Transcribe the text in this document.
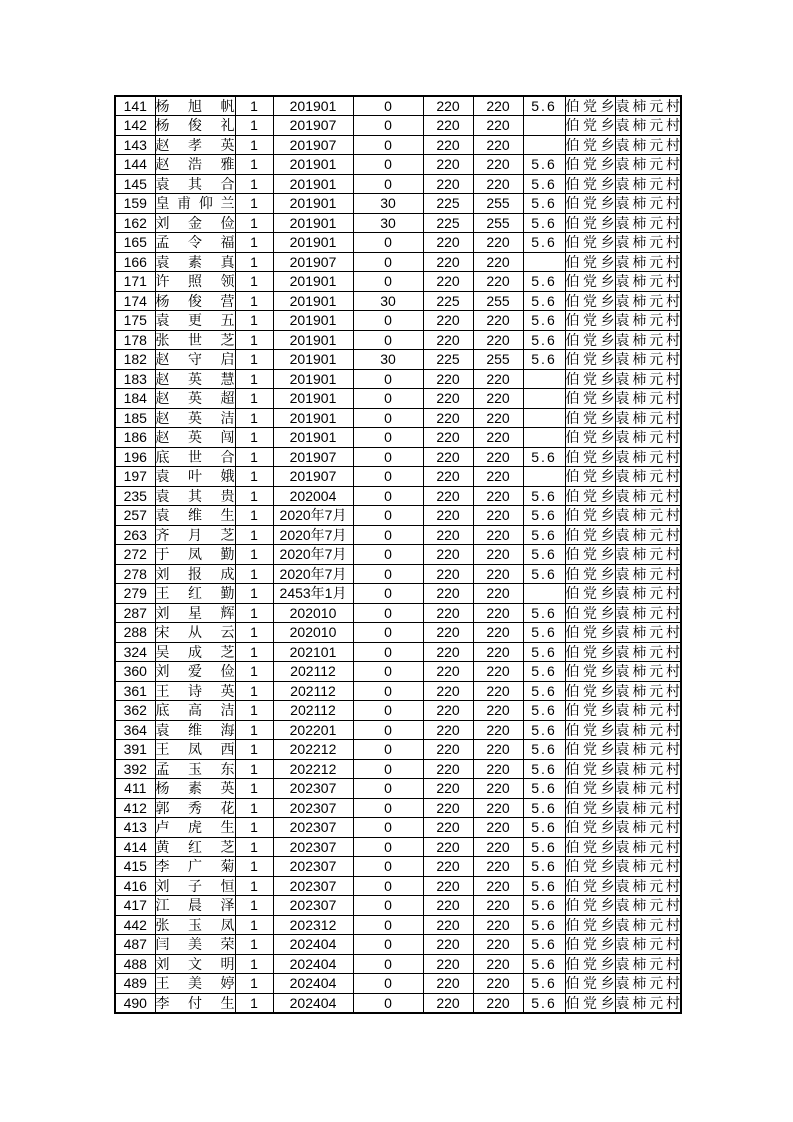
141	杨旭帆	1	201901	0	220	220	5.6	伯党乡	袁柿元村
142	杨俊礼	1	201907	0	220	220		伯党乡	袁柿元村
143	赵孝英	1	201907	0	220	220		伯党乡	袁柿元村
144	赵浩雅	1	201901	0	220	220	5.6	伯党乡	袁柿元村
145	袁其合	1	201901	0	220	220	5.6	伯党乡	袁柿元村
159	皇甫仰兰	1	201901	30	225	255	5.6	伯党乡	袁柿元村
162	刘金俭	1	201901	30	225	255	5.6	伯党乡	袁柿元村
165	孟令福	1	201901	0	220	220	5.6	伯党乡	袁柿元村
166	袁素真	1	201907	0	220	220		伯党乡	袁柿元村
171	许照领	1	201901	0	220	220	5.6	伯党乡	袁柿元村
174	杨俊营	1	201901	30	225	255	5.6	伯党乡	袁柿元村
175	袁更五	1	201901	0	220	220	5.6	伯党乡	袁柿元村
178	张世芝	1	201901	0	220	220	5.6	伯党乡	袁柿元村
182	赵守启	1	201901	30	225	255	5.6	伯党乡	袁柿元村
183	赵英慧	1	201901	0	220	220		伯党乡	袁柿元村
184	赵英超	1	201901	0	220	220		伯党乡	袁柿元村
185	赵英洁	1	201901	0	220	220		伯党乡	袁柿元村
186	赵英闯	1	201901	0	220	220		伯党乡	袁柿元村
196	底世合	1	201907	0	220	220	5.6	伯党乡	袁柿元村
197	袁叶娥	1	201907	0	220	220		伯党乡	袁柿元村
235	袁其贵	1	202004	0	220	220	5.6	伯党乡	袁柿元村
257	袁维生	1	2020年7月	0	220	220	5.6	伯党乡	袁柿元村
263	齐月芝	1	2020年7月	0	220	220	5.6	伯党乡	袁柿元村
272	于凤勤	1	2020年7月	0	220	220	5.6	伯党乡	袁柿元村
278	刘报成	1	2020年7月	0	220	220	5.6	伯党乡	袁柿元村
279	王红勤	1	2453年1月	0	220	220		伯党乡	袁柿元村
287	刘星辉	1	202010	0	220	220	5.6	伯党乡	袁柿元村
288	宋从云	1	202010	0	220	220	5.6	伯党乡	袁柿元村
324	吴成芝	1	202101	0	220	220	5.6	伯党乡	袁柿元村
360	刘爱俭	1	202112	0	220	220	5.6	伯党乡	袁柿元村
361	王诗英	1	202112	0	220	220	5.6	伯党乡	袁柿元村
362	底高洁	1	202112	0	220	220	5.6	伯党乡	袁柿元村
364	袁维海	1	202201	0	220	220	5.6	伯党乡	袁柿元村
391	王凤西	1	202212	0	220	220	5.6	伯党乡	袁柿元村
392	孟玉东	1	202212	0	220	220	5.6	伯党乡	袁柿元村
411	杨素英	1	202307	0	220	220	5.6	伯党乡	袁柿元村
412	郭秀花	1	202307	0	220	220	5.6	伯党乡	袁柿元村
413	卢虎生	1	202307	0	220	220	5.6	伯党乡	袁柿元村
414	黄红芝	1	202307	0	220	220	5.6	伯党乡	袁柿元村
415	李广菊	1	202307	0	220	220	5.6	伯党乡	袁柿元村
416	刘子恒	1	202307	0	220	220	5.6	伯党乡	袁柿元村
417	江晨泽	1	202307	0	220	220	5.6	伯党乡	袁柿元村
442	张玉凤	1	202312	0	220	220	5.6	伯党乡	袁柿元村
487	闫美荣	1	202404	0	220	220	5.6	伯党乡	袁柿元村
488	刘文明	1	202404	0	220	220	5.6	伯党乡	袁柿元村
489	王美婷	1	202404	0	220	220	5.6	伯党乡	袁柿元村
490	李付生	1	202404	0	220	220	5.6	伯党乡	袁柿元村
